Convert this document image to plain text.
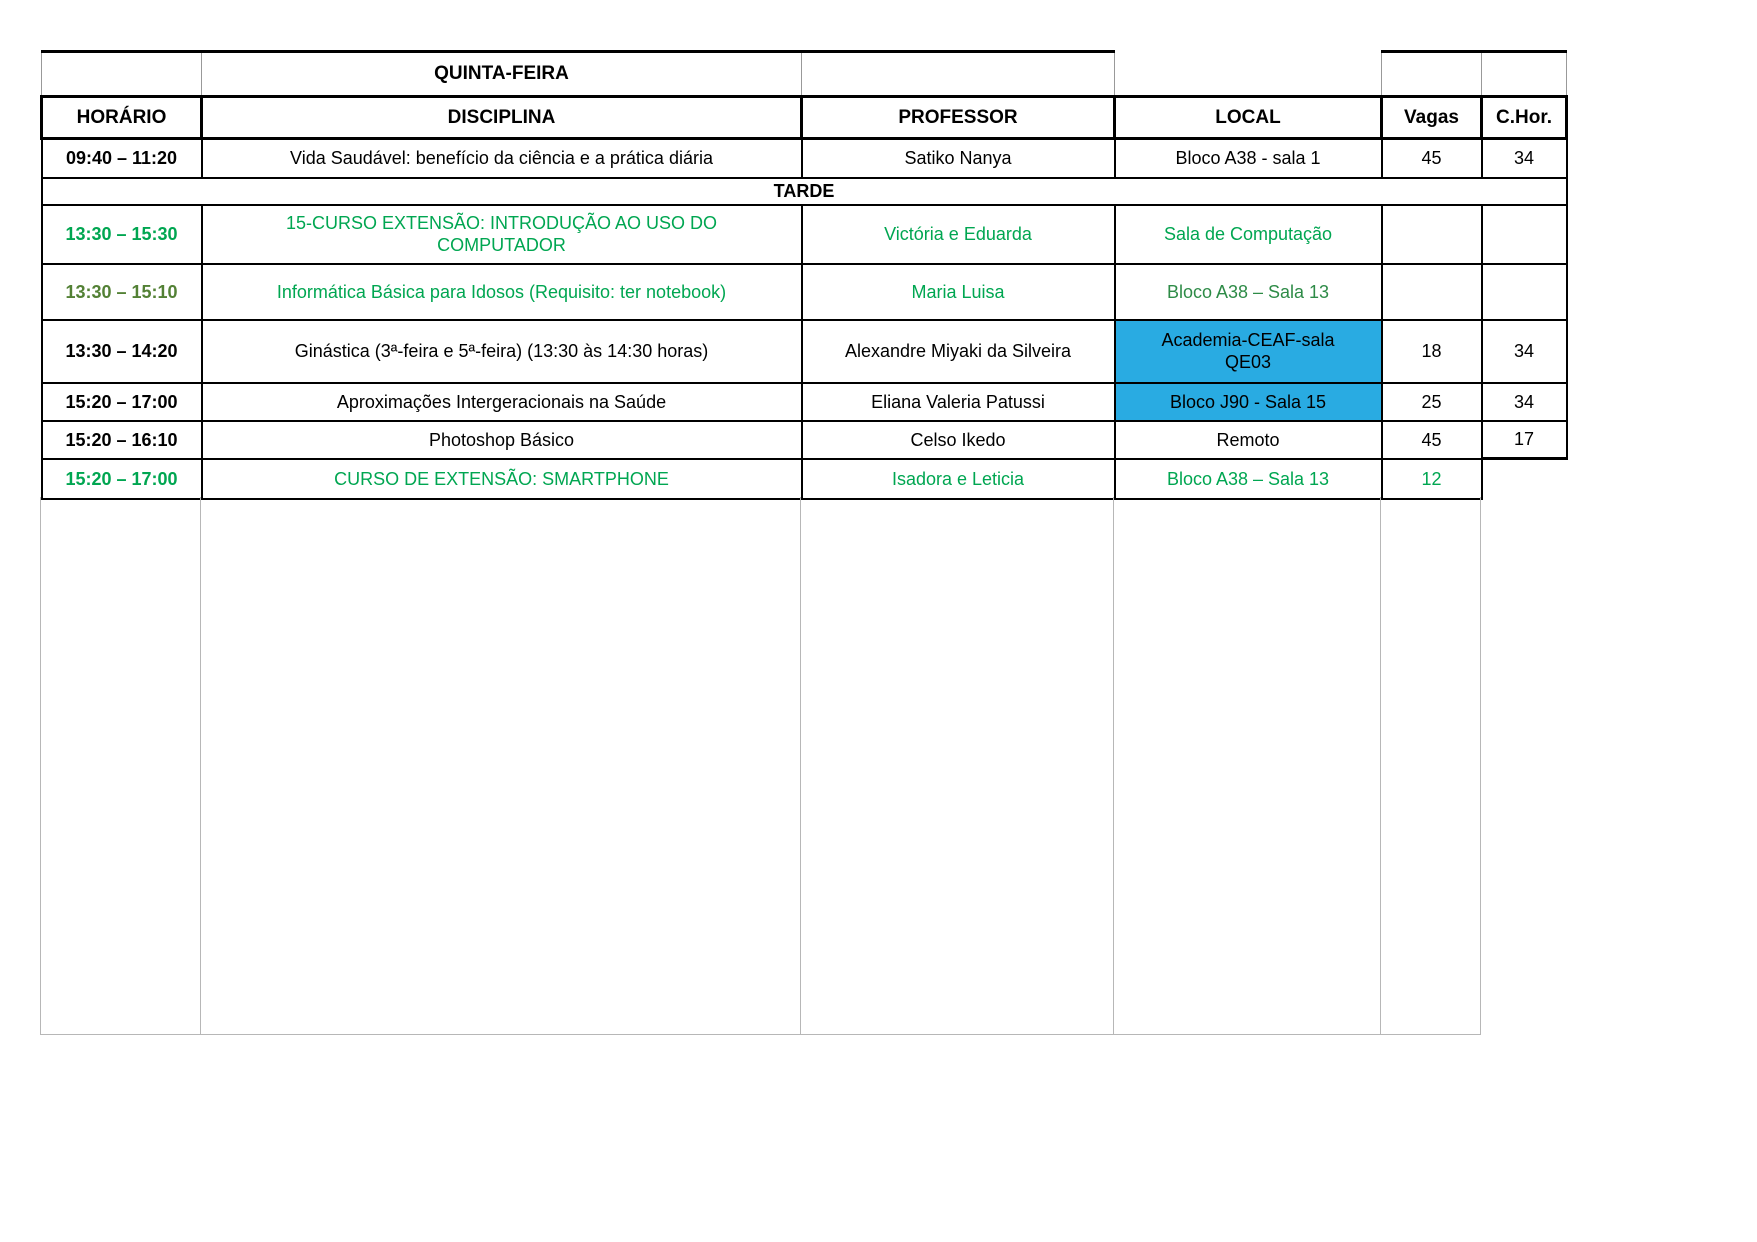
	QUINTA-FEIRA				
HORÁRIO	DISCIPLINA	PROFESSOR	LOCAL	Vagas	C.Hor.
09:40 – 11:20	Vida Saudável: benefício da ciência e a prática diária	Satiko Nanya	Bloco A38 - sala 1	45	34
TARDE					
13:30 – 15:30	15-CURSO EXTENSÃO: INTRODUÇÃO AO USO DO COMPUTADOR	Victória e Eduarda	Sala de Computação		
13:30 – 15:10	Informática Básica para Idosos (Requisito: ter notebook)	Maria Luisa	Bloco A38 – Sala 13		
13:30 – 14:20	Ginástica (3ª-feira e 5ª-feira) (13:30 às 14:30 horas)	Alexandre Miyaki da Silveira	Academia-CEAF-sala QE03	18	34
15:20 – 17:00	Aproximações Intergeracionais na Saúde	Eliana Valeria Patussi	Bloco J90 - Sala 15	25	34
15:20 – 16:10	Photoshop Básico	Celso Ikedo	Remoto	45	17
15:20 – 17:00	CURSO DE EXTENSÃO: SMARTPHONE	Isadora e Leticia	Bloco A38 – Sala 13	12	
